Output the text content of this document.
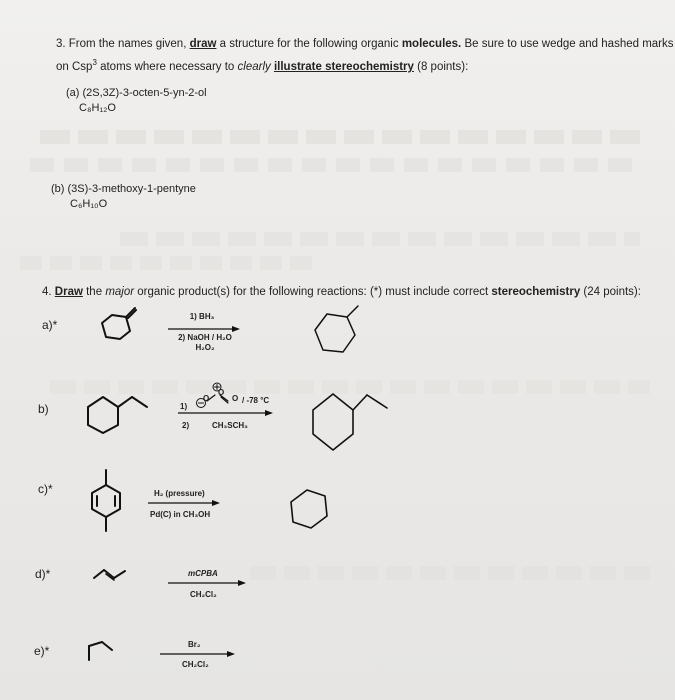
3. From the names given, draw a structure for the following organic molecules. Be sure to use wedge and hashed marks
on Csp$^3$ atoms where necessary to clearly illustrate stereochemistry (8 points):
(a) (2S,3Z)-3-octen-5-yn-2-ol
C₈H₁₂O
(b) (3S)-3-methoxy-1-pentyne
C₆H₁₀O
4. Draw the major organic product(s) for the following reactions: (*) must include correct stereochemistry (24 points):
a)*
1) BH₃
2) NaOH / H₂O
H₂O₂
b)	1)
O
O
O / -78 °C
2)	CH₃SCH₃
c)*	H₂ (pressure)
Pd(C) in CH₃OH
d)*	mCPBA
CH₂Cl₂
e)*	Br₂
CH₂Cl₂
